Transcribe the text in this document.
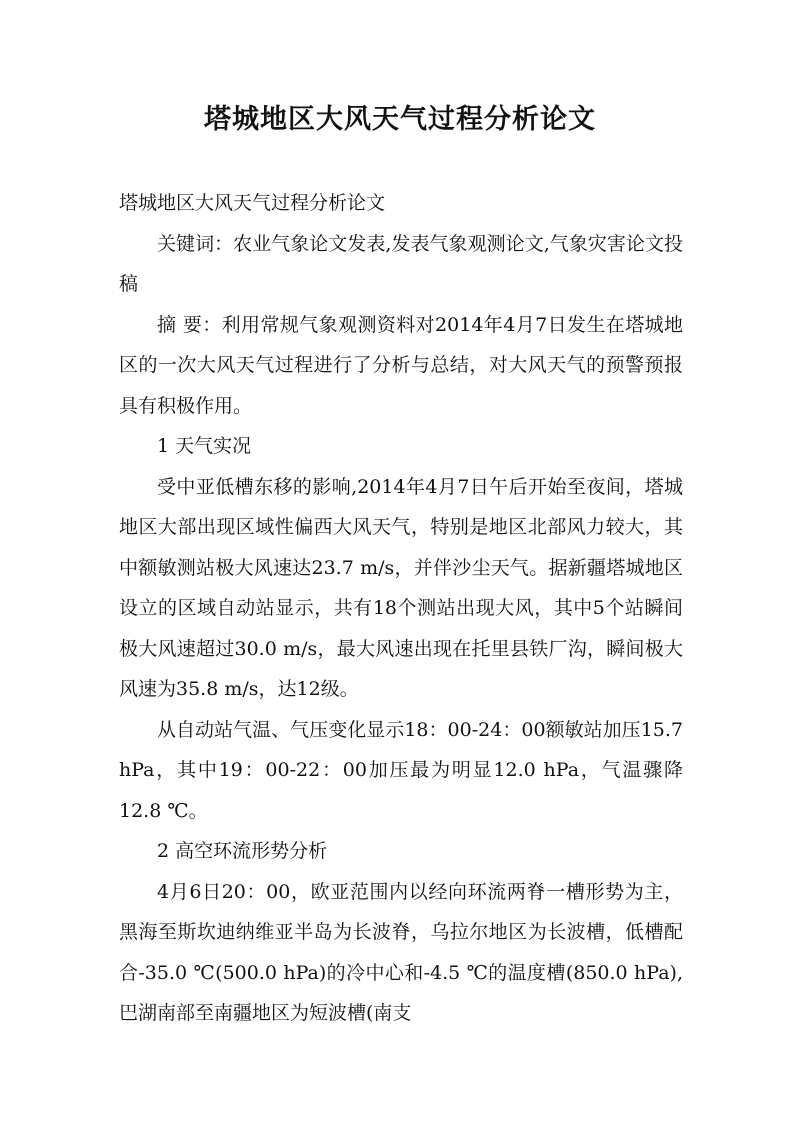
塔城地区大风天气过程分析论文

塔城地区大风天气过程分析论文

关键词：农业气象论文发表,发表气象观测论文,气象灾害论文投稿

摘 要：利用常规气象观测资料对2014年4月7日发生在塔城地区的一次大风天气过程进行了分析与总结，对大风天气的预警预报具有积极作用。

1 天气实况

受中亚低槽东移的影响,2014年4月7日午后开始至夜间，塔城地区大部出现区域性偏西大风天气，特别是地区北部风力较大，其中额敏测站极大风速达23.7 m/s，并伴沙尘天气。据新疆塔城地区设立的区域自动站显示，共有18个测站出现大风，其中5个站瞬间极大风速超过30.0 m/s，最大风速出现在托里县铁厂沟，瞬间极大风速为35.8 m/s，达12级。

从自动站气温、气压变化显示18：00-24：00额敏站加压15.7 hPa，其中19：00-22：00加压最为明显12.0 hPa，气温骤降12.8 ℃。

2 高空环流形势分析

4月6日20：00，欧亚范围内以经向环流两脊一槽形势为主，黑海至斯坎迪纳维亚半岛为长波脊，乌拉尔地区为长波槽，低槽配合-35.0 ℃(500.0 hPa)的冷中心和-4.5 ℃的温度槽(850.0 hPa),巴湖南部至南疆地区为短波槽(南支
